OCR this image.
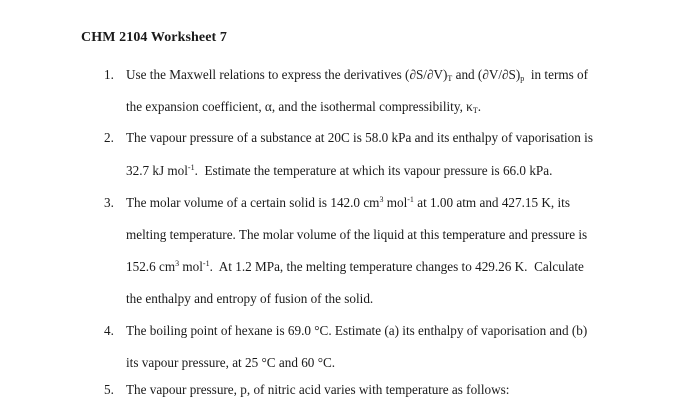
CHM 2104 Worksheet 7
1. Use the Maxwell relations to express the derivatives $(\partial S/\partial V)_T$ and $(\partial V/\partial S)_p$  in terms of
the expansion coefficient, α, and the isothermal compressibility, $\kappa_T$.
2. The vapour pressure of a substance at 20C is 58.0 kPa and its enthalpy of vaporisation is
32.7 kJ mol$^{-1}$.  Estimate the temperature at which its vapour pressure is 66.0 kPa.
3. The molar volume of a certain solid is 142.0 $cm^3$ mol$^{-1}$ at 1.00 atm and 427.15 K, its
melting temperature. The molar volume of the liquid at this temperature and pressure is
152.6 $cm^3$ mol$^{-1}$.  At 1.2 MPa, the melting temperature changes to 429.26 K.  Calculate
the enthalpy and entropy of fusion of the solid.
4. The boiling point of hexane is 69.0 °C. Estimate (a) its enthalpy of vaporisation and (b)
its vapour pressure, at 25 °C and 60 °C.
5. The vapour pressure, p, of nitric acid varies with temperature as follows:
